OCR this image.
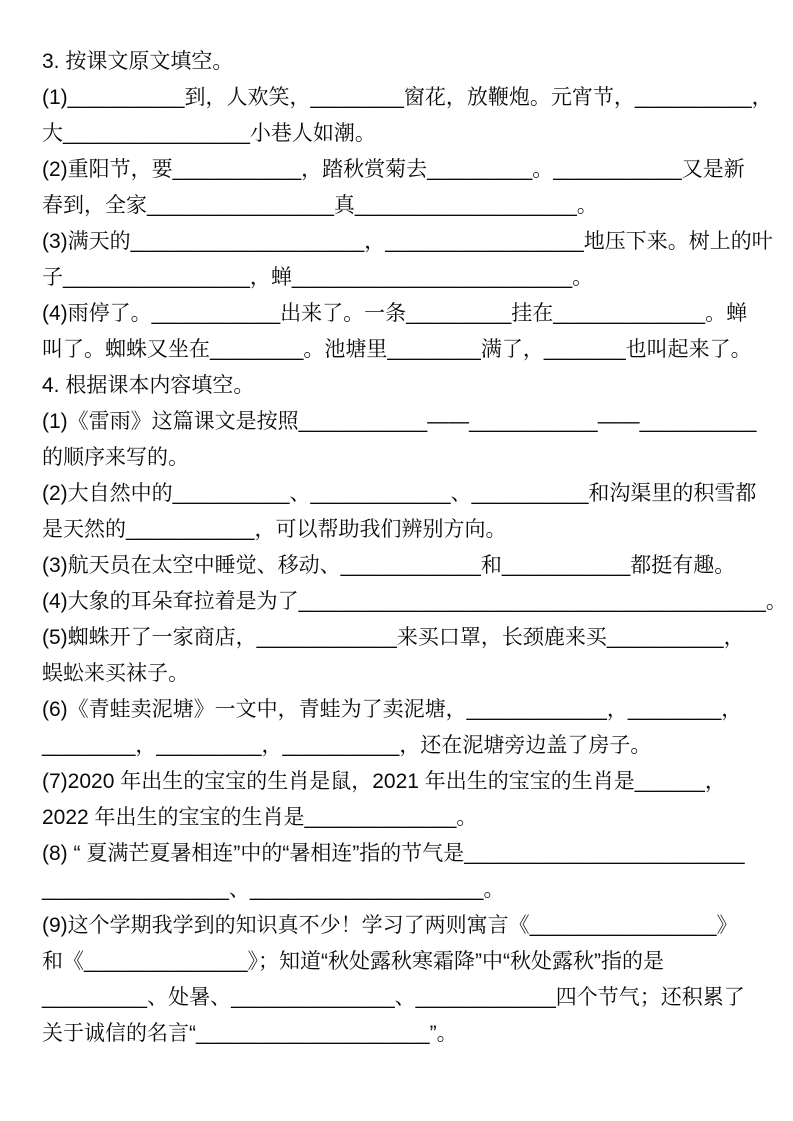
3. 按课文原文填空。
(1)__________到，人欢笑，________窗花，放鞭炮。元宵节，__________，
大________________小巷人如潮。
(2)重阳节，要___________，踏秋赏菊去_________。___________又是新
春到，全家________________真___________________。
(3)满天的____________________，_________________地压下来。树上的叶
子________________，蝉________________________。
(4)雨停了。___________出来了。一条_________挂在_____________。蝉
叫了。蜘蛛又坐在________。池塘里________满了，_______也叫起来了。
4. 根据课本内容填空。
(1)《雷雨》这篇课文是按照___________——___________——__________
的顺序来写的。
(2)大自然中的__________、____________、__________和沟渠里的积雪都
是天然的___________，可以帮助我们辨别方向。
(3)航天员在太空中睡觉、移动、____________和___________都挺有趣。
(4)大象的耳朵耷拉着是为了________________________________________。
(5)蜘蛛开了一家商店，____________来买口罩，长颈鹿来买__________，
蜈蚣来买袜子。
(6)《青蛙卖泥塘》一文中，青蛙为了卖泥塘，____________，________，
________，_________，__________，还在泥塘旁边盖了房子。
(7)2020 年出生的宝宝的生肖是鼠，2021 年出生的宝宝的生肖是______，
2022 年出生的宝宝的生肖是_____________。
(8) “ 夏满芒夏暑相连”中的“暑相连”指的节气是________________________
________________、____________________。
(9)这个学期我学到的知识真不少！学习了两则寓言《________________》
和《______________》；知道“秋处露秋寒霜降”中“秋处露秋”指的是
_________、处暑、______________、____________四个节气；还积累了
关于诚信的名言“____________________”。
